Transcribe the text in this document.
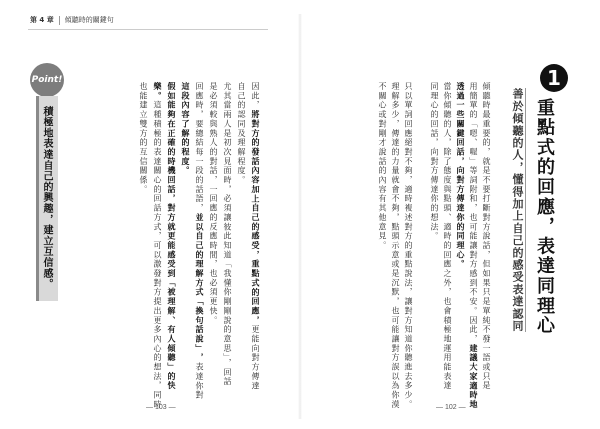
第 4 章 傾聽時的關鍵句
Point!
積極地表達自己的興趣，建立互信感。
因此，將對方的發話內容加上自己的感受，重點式的回應，更能向對方傳達
自己的認同及理解程度。
尤其當兩人是初次見面時，必須讓彼此知道「我懂你剛剛說的意思」，回話
是必須較與熟人的對話，一回應的反應時間，也必須更快。
回應時，要總結每一段的話語，並以自己的理解方式「換句話說」，表達你對
這段內容了解的程度。
假如能夠在正確的時機回話，對方就更能感受到「被理解、有人傾聽」的快
樂。這種積極的表達關心的回話方式，可以激發對方提出更多內心的想法，同時
也能建立雙方的互信關係。
1
重點式的回應，表達同理心
善於傾聽的人，懂得加上自己的感受表達認同
傾聽時最重要的，就是不要打斷對方說話，但如果只是單純不發一語或只是
用簡單的「嗯、喔」等詞附和，也可能讓對方感到不安。因此，建議大家適時地
透過一些關鍵回話，向對方傳達你的同理心。
當你傾聽的人，除了態度與點頭、適時的回應之外，也會積極地運用能表達
同理心的回話，向對方傳達你的想法。
只以單詞回應絕對不夠，適時複述對方的重點說法，讓對方知道你聽進去多少。
理解多少，傳達的力量就會不夠，點頭示意或是沉默，也可能讓對方誤以為你漠
不關心或對剛才說話的內容有其他意見。
— 103 —	— 102 —
